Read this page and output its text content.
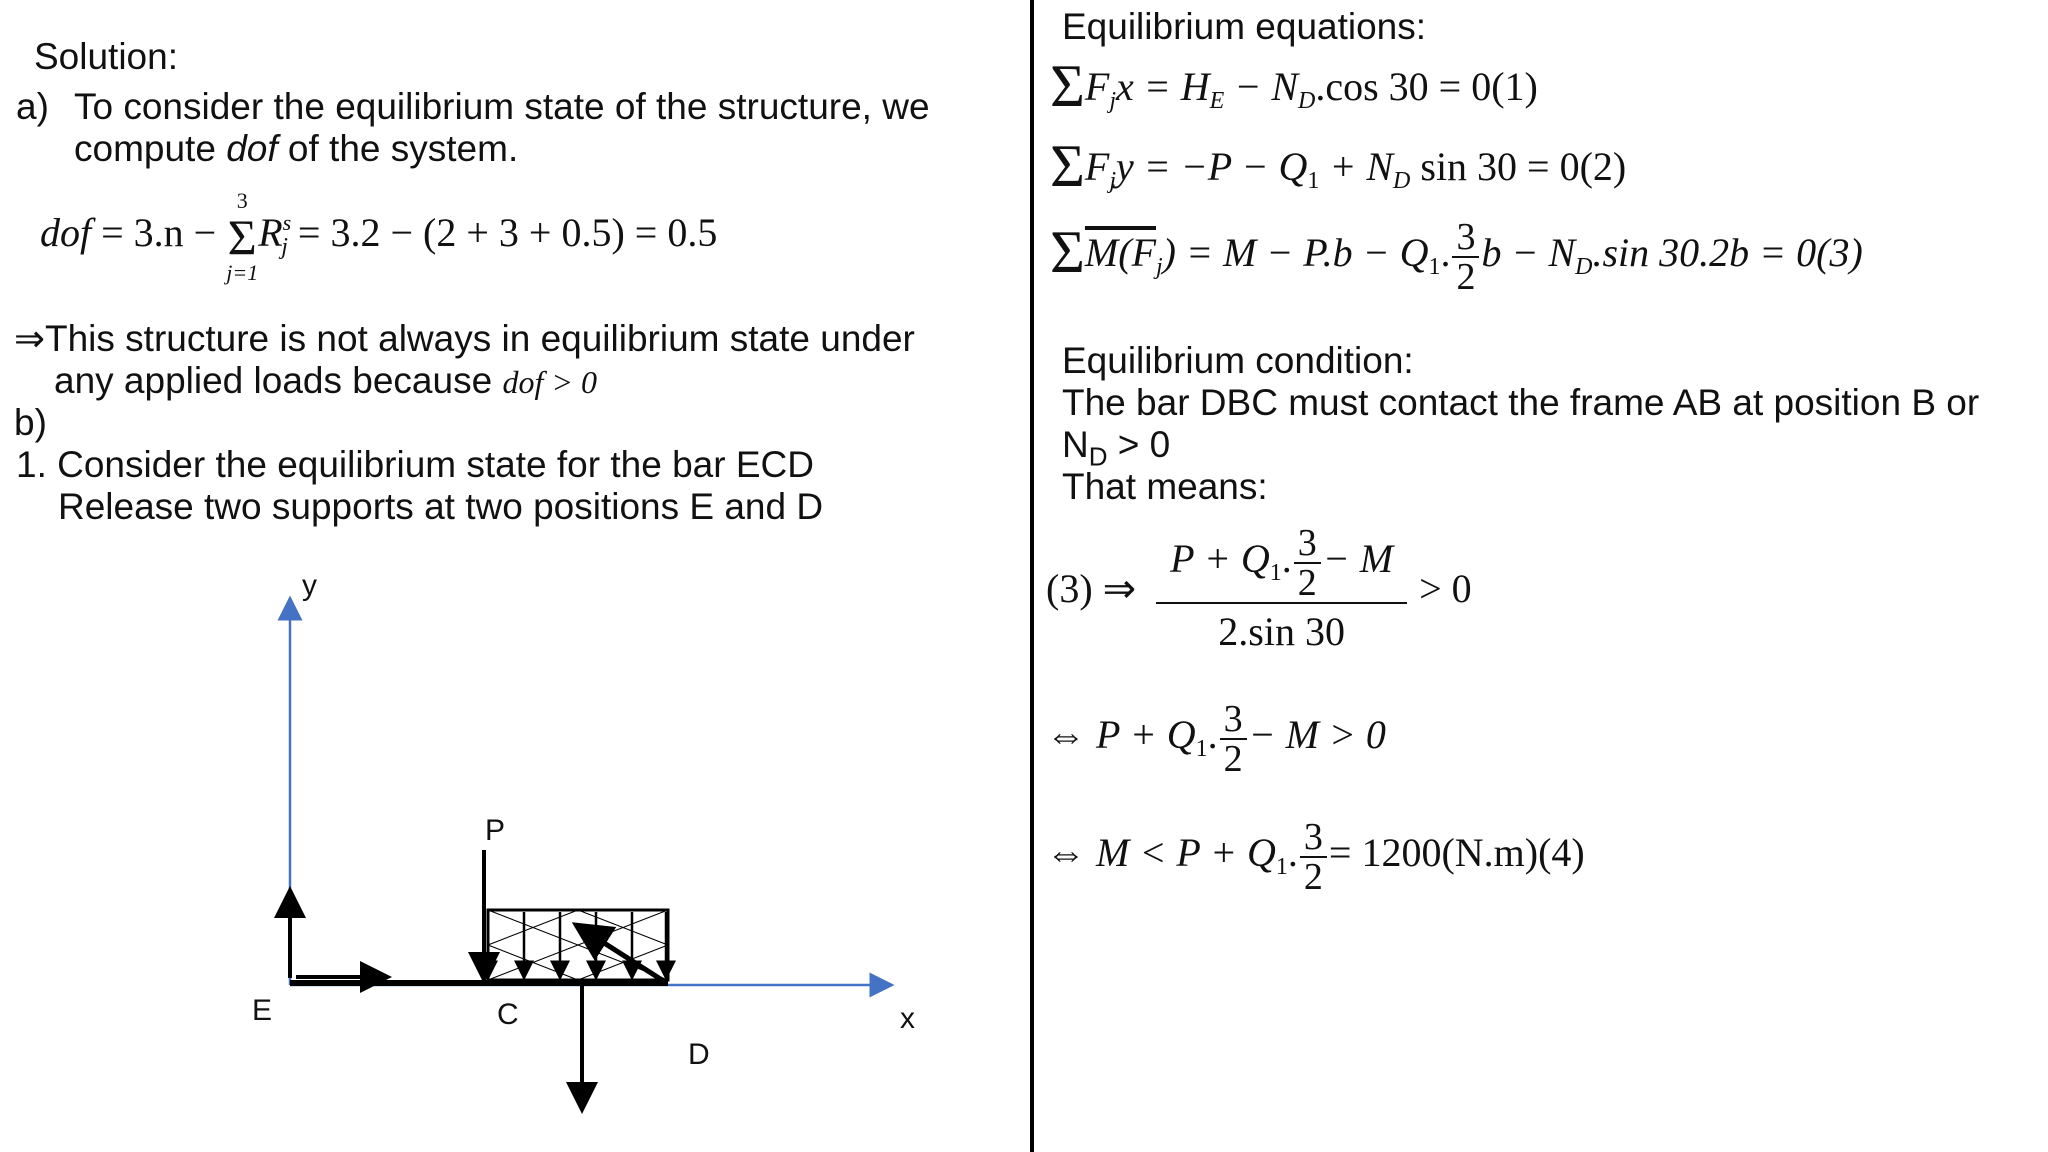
Solution:
a) To consider the equilibrium state of the structure, we
compute dof of the system.
dof = 3.n −
3
Σ
j=1
$R^s_j = 3.2 - (2 + 3 + 0.5) = 0.5$
⇒This structure is not always in equilibrium state under
any applied loads because dof > 0
b)
1. Consider the equilibrium state for the bar ECD
Release two supports at two positions E and D
y
x
P
E	C
D
Equilibrium equations:
$\Sigma F_jx = H_E - N_D.\cos$ 30 = 0(1)
$\Sigma F_jy = -P - Q_1 + N_D$ sin 30 = 0(2)
$\Sigma M(F_j) = M - P.b - Q_1$. $\frac{3}{2}$ $b - N_D.\sin$ 30.2b = 0(3)
Equilibrium condition:
The bar DBC must contact the frame AB at position B or
$N_D > 0$
That means:
(3) ⇒ $\frac{P + Q_1. \frac{3}{2} - M}{2.\sin 30} > 0$
⇔ $P + Q_1$. $\frac{3}{2} - M > 0$
⇔ $M < P + Q_1$. $\frac{3}{2} = 1200(N.m)(4)$
